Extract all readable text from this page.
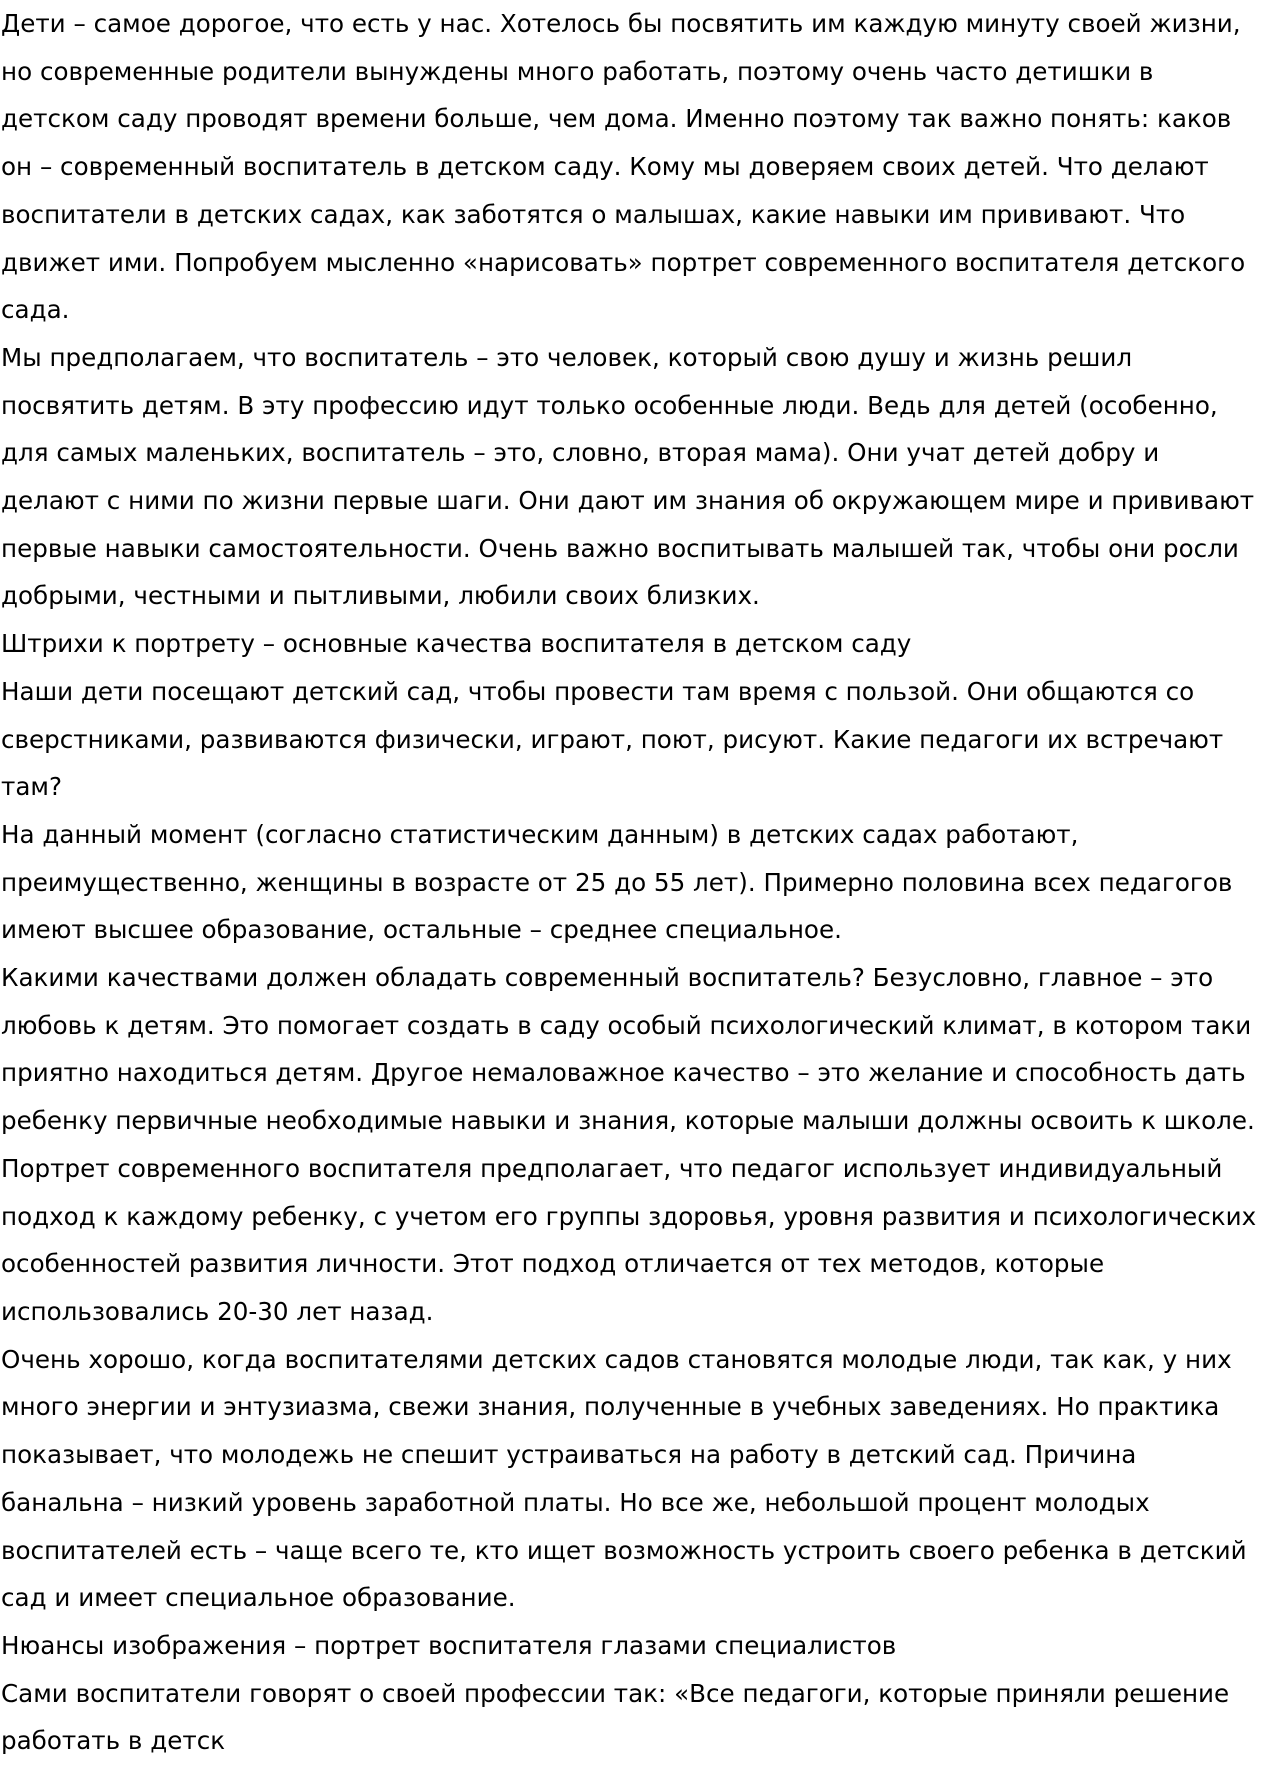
Дети – самое дорогое, что есть у нас. Хотелось бы посвятить им каждую минуту своей жизни, но современные родители вынуждены много работать, поэтому очень часто детишки в детском саду проводят времени больше, чем дома. Именно поэтому так важно понять: каков он – современный воспитатель в детском саду. Кому мы доверяем своих детей. Что делают воспитатели в детских садах, как заботятся о малышах, какие навыки им прививают. Что движет ими. Попробуем мысленно «нарисовать» портрет современного воспитателя детского сада.

Мы предполагаем, что воспитатель – это человек, который свою душу и жизнь решил посвятить детям. В эту профессию идут только особенные люди. Ведь для детей (особенно, для самых маленьких, воспитатель – это, словно, вторая мама). Они учат детей добру и делают с ними по жизни первые шаги. Они дают им знания об окружающем мире и прививают первые навыки самостоятельности. Очень важно воспитывать малышей так, чтобы они росли добрыми, честными и пытливыми, любили своих близких.

Штрихи к портрету – основные качества воспитателя в детском саду

Наши дети посещают детский сад, чтобы провести там время с пользой. Они общаются со сверстниками, развиваются физически, играют, поют, рисуют. Какие педагоги их встречают там?

На данный момент (согласно статистическим данным) в детских садах работают, преимущественно, женщины в возрасте от 25 до 55 лет). Примерно половина всех педагогов имеют высшее образование, остальные – среднее специальное.

Какими качествами должен обладать современный воспитатель? Безусловно, главное – это любовь к детям. Это помогает создать в саду особый психологический климат, в котором таки приятно находиться детям. Другое немаловажное качество – это желание и способность дать ребенку первичные необходимые навыки и знания, которые малыши должны освоить к школе. Портрет современного воспитателя предполагает, что педагог использует индивидуальный подход к каждому ребенку, с учетом его группы здоровья, уровня развития и психологических особенностей развития личности. Этот подход отличается от тех методов, которые использовались 20-30 лет назад.

Очень хорошо, когда воспитателями детских садов становятся молодые люди, так как, у них много энергии и энтузиазма, свежи знания, полученные в учебных заведениях. Но практика показывает, что молодежь не спешит устраиваться на работу в детский сад. Причина банальна – низкий уровень заработной платы. Но все же, небольшой процент молодых воспитателей есть – чаще всего те, кто ищет возможность устроить своего ребенка в детский сад и имеет специальное образование.

Нюансы изображения – портрет воспитателя глазами специалистов

Сами воспитатели говорят о своей профессии так: «Все педагоги, которые приняли решение работать в детск
